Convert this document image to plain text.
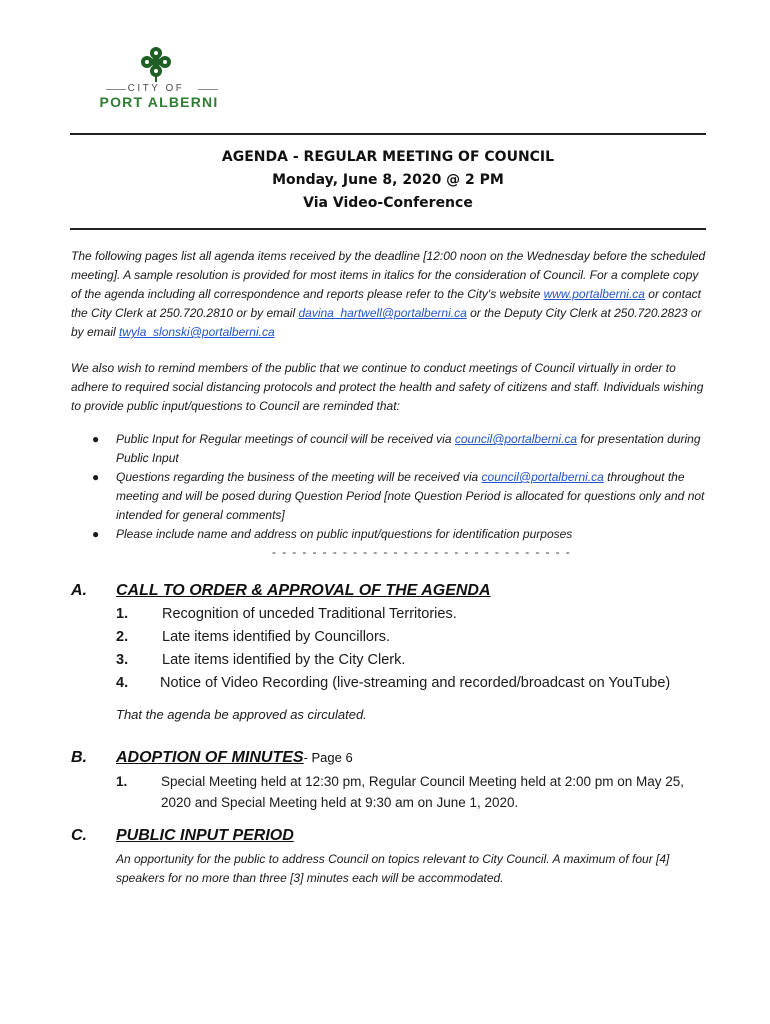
CITY OF
PORT ALBERNI
AGENDA - REGULAR MEETING OF COUNCIL
Monday, June 8, 2020 @ 2 PM
Via Video-Conference
The following pages list all agenda items received by the deadline [12:00 noon on the Wednesday before the scheduled meeting]. A sample resolution is provided for most items in italics for the consideration of Council. For a complete copy of the agenda including all correspondence and reports please refer to the City's website www.portalberni.ca or contact the City Clerk at 250.720.2810 or by email davina_hartwell@portalberni.ca or the Deputy City Clerk at 250.720.2823 or by email twyla_slonski@portalberni.ca
We also wish to remind members of the public that we continue to conduct meetings of Council virtually in order to adhere to required social distancing protocols and protect the health and safety of citizens and staff. Individuals wishing to provide public input/questions to Council are reminded that:
● Public Input for Regular meetings of council will be received via council@portalberni.ca for presentation during Public Input
● Questions regarding the business of the meeting will be received via council@portalberni.ca throughout the meeting and will be posed during Question Period [note Question Period is allocated for questions only and not intended for general comments]
● Please include name and address on public input/questions for identification purposes
- - - - - - - - - - - - - - - - - - - - - - - - - - - - - -
A. CALL TO ORDER & APPROVAL OF THE AGENDA
1. Recognition of unceded Traditional Territories.
2. Late items identified by Councillors.
3. Late items identified by the City Clerk.
4. Notice of Video Recording (live-streaming and recorded/broadcast on YouTube)
That the agenda be approved as circulated.
B. ADOPTION OF MINUTES- Page 6
1. Special Meeting held at 12:30 pm, Regular Council Meeting held at 2:00 pm on May 25, 2020 and Special Meeting held at 9:30 am on June 1, 2020.
C. PUBLIC INPUT PERIOD
An opportunity for the public to address Council on topics relevant to City Council. A maximum of four [4] speakers for no more than three [3] minutes each will be accommodated.
